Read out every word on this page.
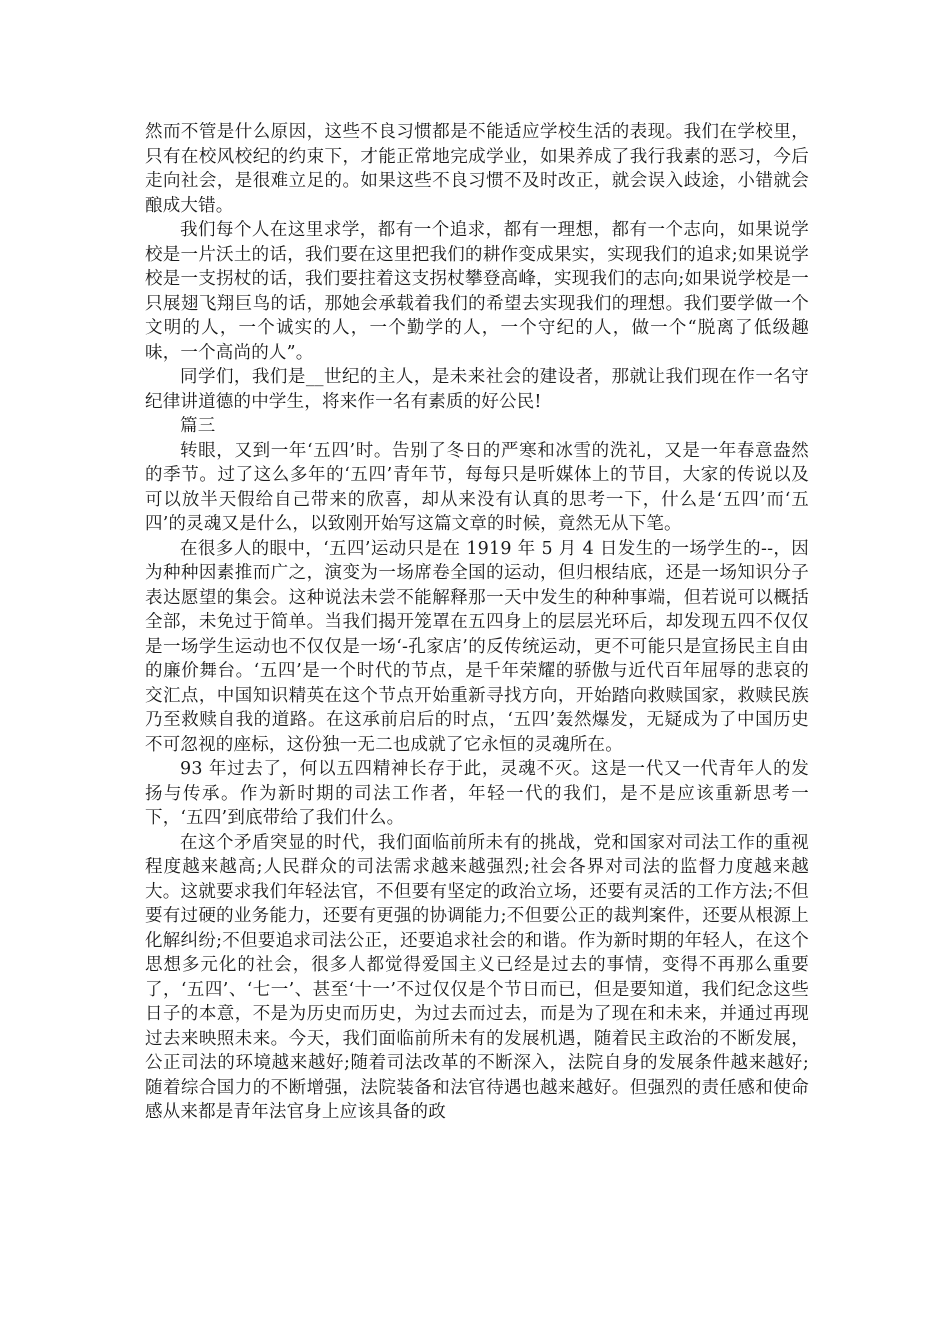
然而不管是什么原因，这些不良习惯都是不能适应学校生活的表现。我们在学校里，只有在校风校纪的约束下，才能正常地完成学业，如果养成了我行我素的恶习，今后走向社会，是很难立足的。如果这些不良习惯不及时改正，就会误入歧途，小错就会酿成大错。

我们每个人在这里求学，都有一个追求，都有一理想，都有一个志向，如果说学校是一片沃土的话，我们要在这里把我们的耕作变成果实，实现我们的追求;如果说学校是一支拐杖的话，我们要拄着这支拐杖攀登高峰，实现我们的志向;如果说学校是一只展翅飞翔巨鸟的话，那她会承载着我们的希望去实现我们的理想。我们要学做一个文明的人，一个诚实的人，一个勤学的人，一个守纪的人，做一个“脱离了低级趣味，一个高尚的人”。

同学们，我们是__世纪的主人，是未来社会的建设者，那就让我们现在作一名守纪律讲道德的中学生，将来作一名有素质的好公民!

篇三

转眼，又到一年‘五四’时。告别了冬日的严寒和冰雪的洗礼，又是一年春意盎然的季节。过了这么多年的‘五四’青年节，每每只是听媒体上的节目，大家的传说以及可以放半天假给自己带来的欣喜，却从来没有认真的思考一下，什么是‘五四’而‘五四’的灵魂又是什么，以致刚开始写这篇文章的时候，竟然无从下笔。

在很多人的眼中，‘五四’运动只是在 1919 年 5 月 4 日发生的一场学生的--，因为种种因素推而广之，演变为一场席卷全国的运动，但归根结底，还是一场知识分子表达愿望的集会。这种说法未尝不能解释那一天中发生的种种事端，但若说可以概括全部，未免过于简单。当我们揭开笼罩在五四身上的层层光环后，却发现五四不仅仅是一场学生运动也不仅仅是一场‘-孔家店’的反传统运动，更不可能只是宣扬民主自由的廉价舞台。‘五四’是一个时代的节点，是千年荣耀的骄傲与近代百年屈辱的悲哀的交汇点，中国知识精英在这个节点开始重新寻找方向，开始踏向救赎国家，救赎民族乃至救赎自我的道路。在这承前启后的时点，‘五四’轰然爆发，无疑成为了中国历史不可忽视的座标，这份独一无二也成就了它永恒的灵魂所在。

93 年过去了，何以五四精神长存于此，灵魂不灭。这是一代又一代青年人的发扬与传承。作为新时期的司法工作者，年轻一代的我们，是不是应该重新思考一下，‘五四’到底带给了我们什么。

在这个矛盾突显的时代，我们面临前所未有的挑战，党和国家对司法工作的重视程度越来越高;人民群众的司法需求越来越强烈;社会各界对司法的监督力度越来越大。这就要求我们年轻法官，不但要有坚定的政治立场，还要有灵活的工作方法;不但要有过硬的业务能力，还要有更强的协调能力;不但要公正的裁判案件，还要从根源上化解纠纷;不但要追求司法公正，还要追求社会的和谐。作为新时期的年轻人，在这个思想多元化的社会，很多人都觉得爱国主义已经是过去的事情，变得不再那么重要了，‘五四’、‘七一’、甚至‘十一’不过仅仅是个节日而已，但是要知道，我们纪念这些日子的本意，不是为历史而历史，为过去而过去，而是为了现在和未来，并通过再现过去来映照未来。今天，我们面临前所未有的发展机遇，随着民主政治的不断发展，公正司法的环境越来越好;随着司法改革的不断深入，法院自身的发展条件越来越好;随着综合国力的不断增强，法院装备和法官待遇也越来越好。但强烈的责任感和使命感从来都是青年法官身上应该具备的政
